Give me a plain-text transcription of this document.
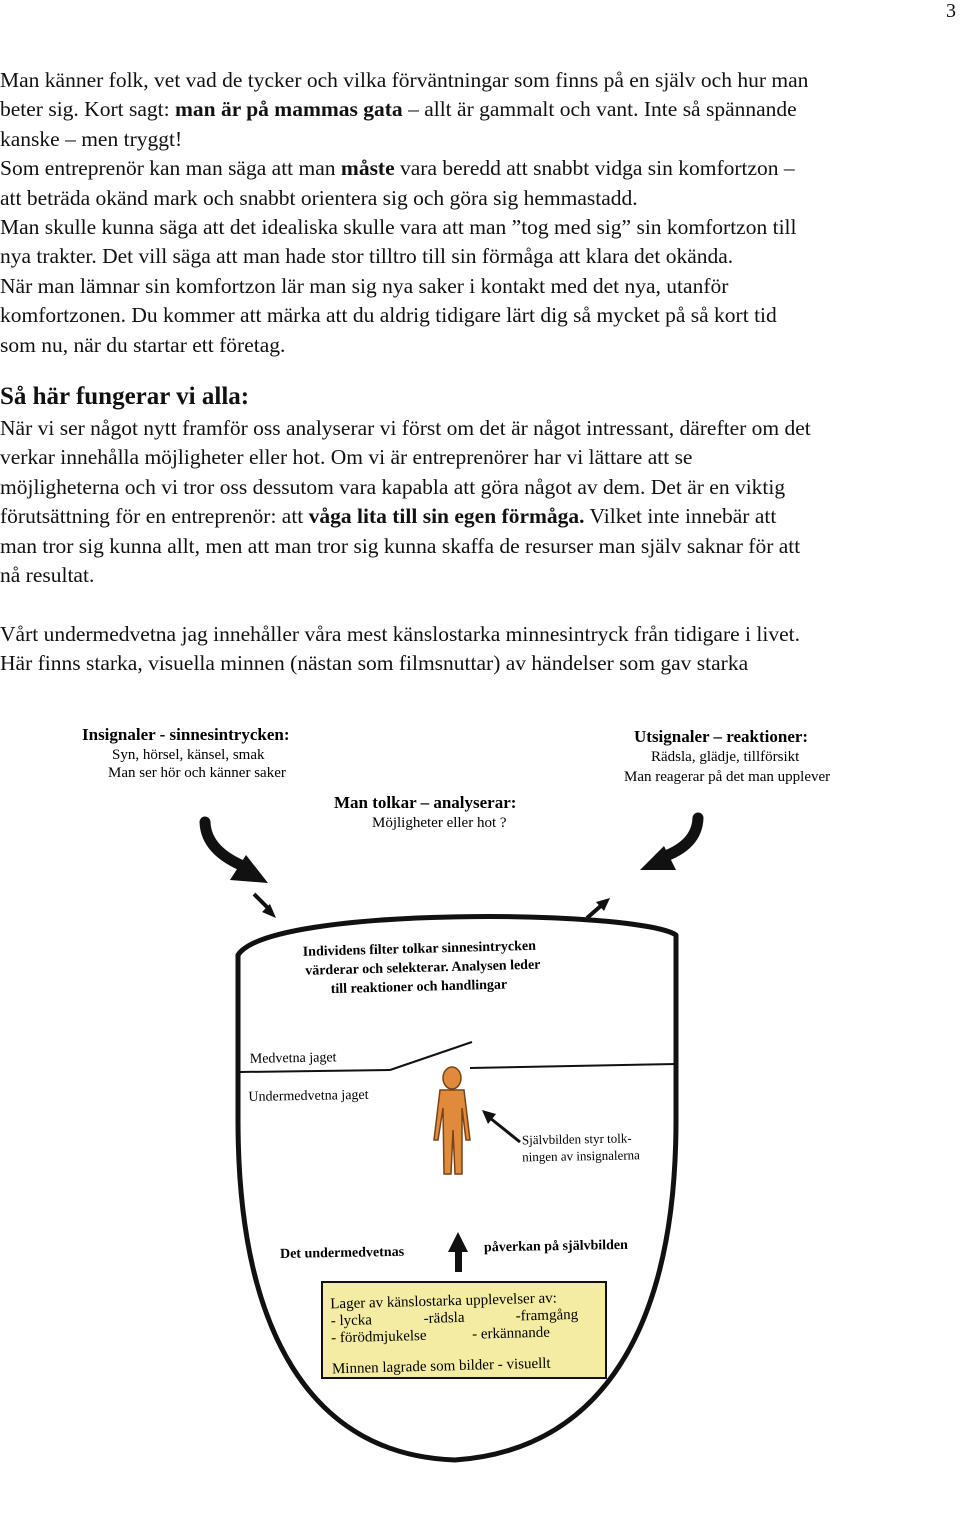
3

Man känner folk, vet vad de tycker och vilka förväntningar som finns på en själv och hur man
beter sig. Kort sagt: man är på mammas gata – allt är gammalt och vant. Inte så spännande
kanske – men tryggt!
Som entreprenör kan man säga att man måste vara beredd att snabbt vidga sin komfortzon –
att beträda okänd mark och snabbt orientera sig och göra sig hemmastadd.
Man skulle kunna säga att det idealiska skulle vara att man ”tog med sig” sin komfortzon till
nya trakter. Det vill säga att man hade stor tilltro till sin förmåga att klara det okända.
När man lämnar sin komfortzon lär man sig nya saker i kontakt med det nya, utanför
komfortzonen. Du kommer att märka att du aldrig tidigare lärt dig så mycket på så kort tid
som nu, när du startar ett företag.

Så här fungerar vi alla:

När vi ser något nytt framför oss analyserar vi först om det är något intressant, därefter om det
verkar innehålla möjligheter eller hot. Om vi är entreprenörer har vi lättare att se
möjligheterna och vi tror oss dessutom vara kapabla att göra något av dem. Det är en viktig
förutsättning för en entreprenör: att våga lita till sin egen förmåga. Vilket inte innebär att
man tror sig kunna allt, men att man tror sig kunna skaffa de resurser man själv saknar för att
nå resultat.

Vårt undermedvetna jag innehåller våra mest känslostarka minnesintryck från tidigare i livet.
Här finns starka, visuella minnen (nästan som filmsnuttar) av händelser som gav starka

Insignaler - sinnesintrycken:
Syn, hörsel, känsel, smak
Man ser hör och känner saker
Utsignaler – reaktioner:
Rädsla, glädje, tillförsikt
Man reagerar på det man upplever
Man tolkar – analyserar:
Möjligheter eller hot ?
Individens filter tolkar sinnesintrycken
värderar och selekterar. Analysen leder
till reaktioner och handlingar
Medvetna jaget
Undermedvetna jaget
Självbilden styr tolk-
ningen av insignalerna
Det undermedvetnas	påverkan på självbilden
Lager av känslostarka upplevelser av:
- lycka	-rädsla	-framgång
- förödmjukelse	- erkännande
Minnen lagrade som bilder - visuellt
